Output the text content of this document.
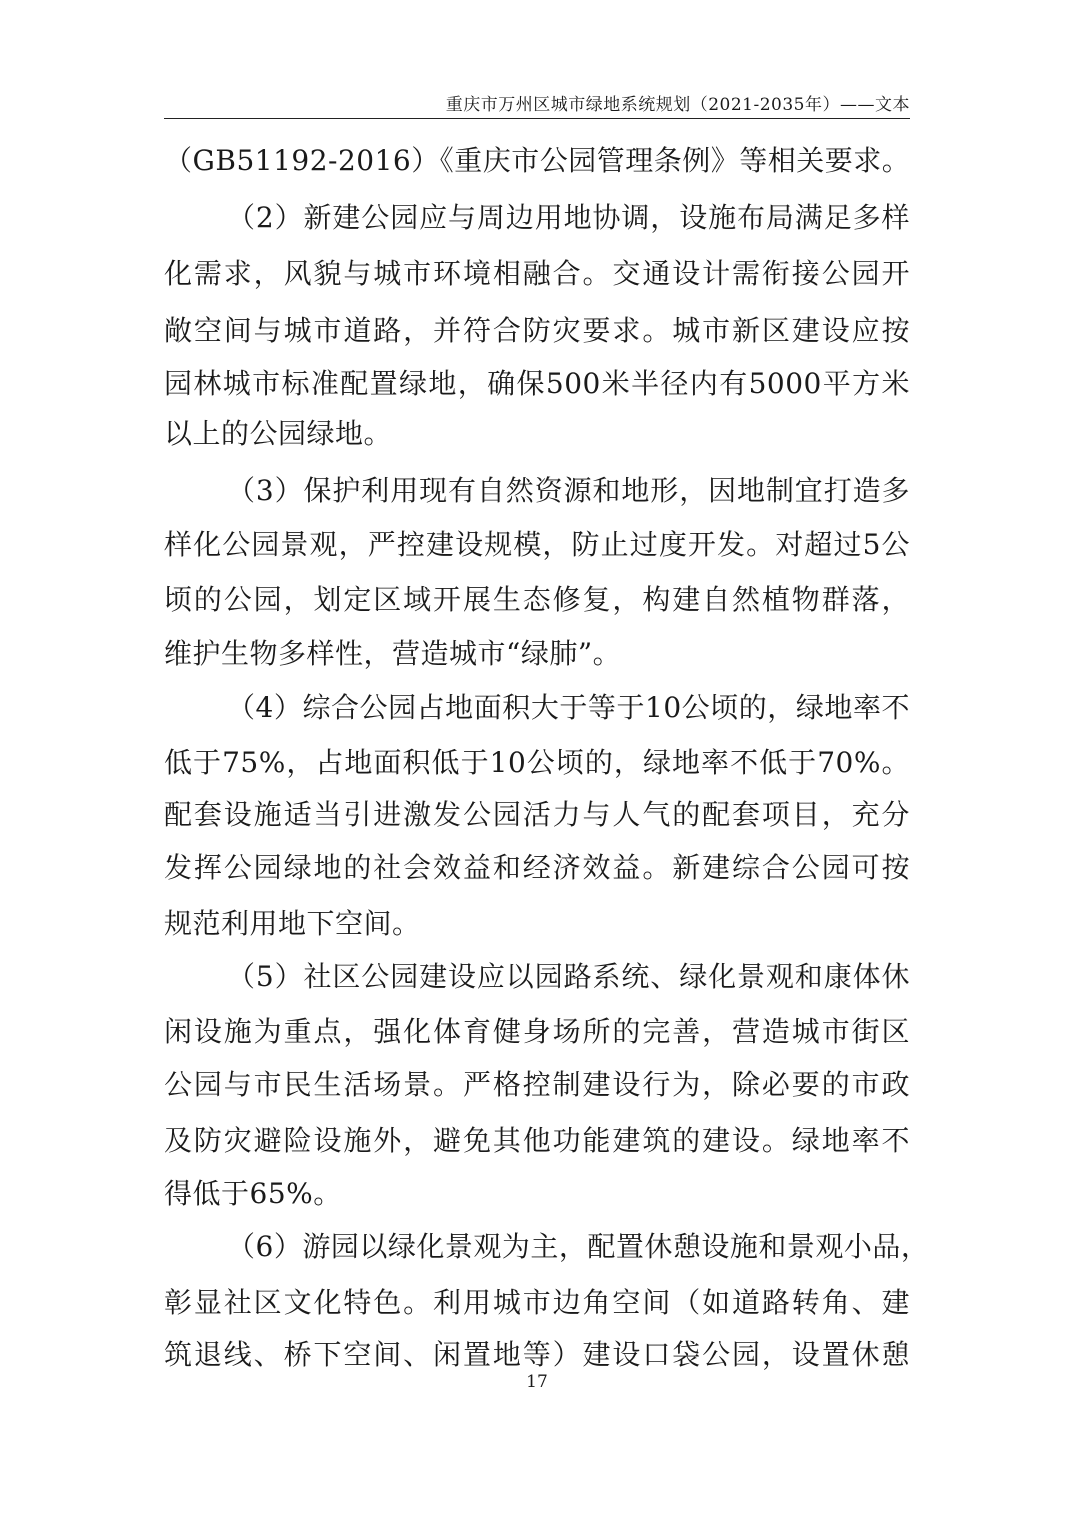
重庆市万州区城市绿地系统规划（2021-2035年）——文本
（GB51192-2016）《重庆市公园管理条例》等相关要求。
（2）新建公园应与周边用地协调，设施布局满足多样
化需求，风貌与城市环境相融合。交通设计需衔接公园开
敞空间与城市道路，并符合防灾要求。城市新区建设应按
园林城市标准配置绿地，确保500米半径内有5000平方米
以上的公园绿地。
（3）保护利用现有自然资源和地形，因地制宜打造多
样化公园景观，严控建设规模，防止过度开发。对超过5公
顷的公园，划定区域开展生态修复，构建自然植物群落，
维护生物多样性，营造城市“绿肺”。
（4）综合公园占地面积大于等于10公顷的，绿地率不
低于75%，占地面积低于10公顷的，绿地率不低于70%。
配套设施适当引进激发公园活力与人气的配套项目，充分
发挥公园绿地的社会效益和经济效益。新建综合公园可按
规范利用地下空间。
（5）社区公园建设应以园路系统、绿化景观和康体休
闲设施为重点，强化体育健身场所的完善，营造城市街区
公园与市民生活场景。严格控制建设行为，除必要的市政
及防灾避险设施外，避免其他功能建筑的建设。绿地率不
得低于65%。
（6）游园以绿化景观为主，配置休憩设施和景观小品，
彰显社区文化特色。利用城市边角空间（如道路转角、建
筑退线、桥下空间、闲置地等）建设口袋公园，设置休憩
17
